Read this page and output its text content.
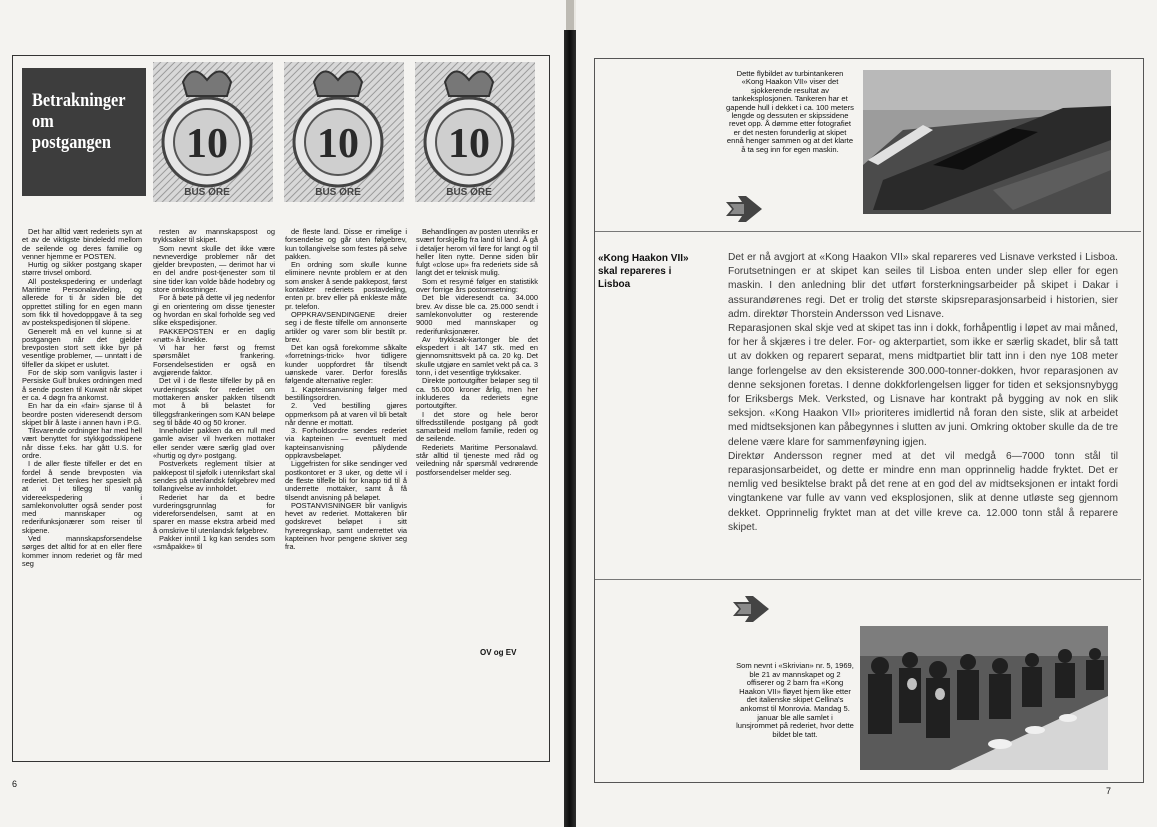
Betrakninger
om
postgangen	10
BUS ØRE
10
BUS ØRE
10
BUS ØRE

Det har alltid vært rederiets syn at et av de viktigste bindeledd mellom de seilende og deres familie og venner hjemme er POSTEN.

Hurtig og sikker postgang skaper større trivsel ombord.

All postekspedering er underlagt Maritime Personalavdeling, og allerede for ti år siden ble det opprettet stilling for en egen mann som fikk til hovedoppgave å ta seg av postekspedisjonen til skipene.

Generelt må en vel kunne si at postgangen når det gjelder brevposten stort sett ikke byr på vesentlige problemer, — unntatt i de tilfeller da skipet er uslutet.

For de skip som vanligvis laster i Persiske Gulf brukes ordningen med å sende posten til Kuwait når skipet er ca. 4 døgn fra ankomst.

En har da ein «fair» sjanse til å beordre posten videresendt dersom skipet blir å laste i annen havn i P.G.

Tilsvarende ordninger har med hell vært benyttet for stykkgodsskipene når disse f.eks. har gått U.S. for ordre.

I de aller fleste tilfeller er det en fordel å sende brevposten via rederiet. Det tenkes her spesielt på at vi i tillegg til vanlig videreekspedering i samlekonvolutter også sender post med mannskaper og rederifunksjonærer som reiser til skipene.

Ved mannskapsforsendelse sørges det alltid for at en eller flere kommer innom rederiet og får med seg

resten av mannskapspost og trykksaker til skipet.

Som nevnt skulle det ikke være nevneverdige problemer når det gjelder brevposten, — derimot har vi en del andre post-tjenester som til sine tider kan volde både hodebry og store omkostninger.

For å bøte på dette vil jeg nedenfor gi en orientering om disse tjenester og hvordan en skal forholde seg ved slike ekspedisjoner.

PAKKEPOSTEN er en daglig «nøtt» å knekke.

Vi har her først og fremst spørsmålet frankering. Forsendelsestiden er også en avgjørende faktor.

Det vil i de fleste tilfeller by på en vurderingssak for rederiet om mottakeren ønsker pakken tilsendt mot å bli belastet for tilleggsfrankeringen som KAN beløpe seg til både 40 og 50 kroner.

Inneholder pakken da en rull med gamle aviser vil hverken mottaker eller sender være særlig glad over «hurtig og dyr» postgang.

Postverkets reglement tilsier at pakkepost til sjøfolk i utenriksfart skal sendes på utenlandsk følgebrev med tollangivelse av innholdet.

Rederiet har da et bedre vurderingsgrunnlag for videreforsendelsen, samt at en sparer en masse ekstra arbeid med å omskrive til utenlandsk følgebrev.

Pakker inntil 1 kg kan sendes som «småpakke» til

de fleste land. Disse er rimelige i forsendelse og går uten følgebrev, kun tollangivelse som festes på selve pakken.

En ordning som skulle kunne eliminere nevnte problem er at den som ønsker å sende pakkepost, først kontakter rederiets postavdeling, enten pr. brev eller på enkleste måte pr. telefon.

OPPKRAVSENDINGENE dreier seg i de fleste tilfelle om annonserte artikler og varer som blir bestilt pr. brev.

Det kan også forekomme såkalte «forretnings-trick» hvor tidligere kunder uoppfordret får tilsendt uønskede varer. Derfor foreslås følgende alternative regler:

1. Kapteinsanvisning følger med bestillingsordren.

2. Ved bestilling gjøres oppmerksom på at varen vil bli betalt når denne er mottatt.

3. Forholdsordre sendes rederiet via kapteinen — eventuelt med kapteinsanvisning pålydende oppkravsbeløpet.

Liggefristen for slike sendinger ved postkontoret er 3 uker, og dette vil i de fleste tilfelle bli for knapp tid til å underrette mottaker, samt å få tilsendt anvisning på beløpet.

POSTANVISNINGER blir vanligvis hevet av rederiet. Mottakeren blir godskrevet beløpet i sitt hyreregnskap, samt underrettet via kapteinen hvor pengene skriver seg fra.

Behandlingen av posten utenriks er svært forskjellig fra land til land. Å gå i detaljer herom vil føre for langt og til heller liten nytte. Denne siden blir fulgt «close up» fra rederiets side så langt det er teknisk mulig.

Som et resymé følger en statistikk over forrige års postomsetning:

Det ble videresendt ca. 34.000 brev. Av disse ble ca. 25.000 sendt i samlekonvolutter og resterende 9000 med mannskaper og rederifunksjonærer.

Av trykksak-kartonger ble det ekspedert i alt 147 stk. med en gjennomsnittsvekt på ca. 20 kg. Det skulle utgjøre en samlet vekt på ca. 3 tonn, i det vesentlige trykksaker.

Direkte portoutgifter beløper seg til ca. 55.000 kroner årlig, men her inkluderes da rederiets egne portoutgifter.

I det store og hele beror tilfredsstillende postgang på godt samarbeid mellom familie, rederi og de seilende.

Rederiets Maritime Personalavd. står alltid til tjeneste med råd og veiledning når spørsmål vedrørende postforsendelser melder seg.

OV og EV
6
Dette flybildet av turbintankeren «Kong Haakon VII» viser det sjokkerende resultat av tankeksplosjonen. Tankeren har et gapende hull i dekket i ca. 100 meters lengde og dessuten er skipssidene revet opp. Å dømme etter fotografiet er det nesten forunderlig at skipet ennå henger sammen og at det klarte å ta seg inn for egen maskin.
«Kong Haakon VII» skal repareres i Lisboa

Det er nå avgjort at «Kong Haakon VII» skal repareres ved Lisnave verksted i Lisboa. Forutsetningen er at skipet kan seiles til Lisboa enten under slep eller for egen maskin. I den anledning blir det utført forsterkningsarbeider på skipet i Dakar i assurandørenes regi. Det er trolig det største skipsreparasjonsarbeid i historien, sier adm. direktør Thorstein Andersson ved Lisnave.

Reparasjonen skal skje ved at skipet tas inn i dokk, forhåpentlig i løpet av mai måned, for her å skjæres i tre deler. For- og akterpartiet, som ikke er særlig skadet, blir så tatt ut av dokken og reparert separat, mens midtpartiet blir tatt inn i den nye 108 meter lange forlengelse av den eksisterende 300.000-tonner-dokken, hvor reparasjonen av denne seksjonen foretas. I denne dokkforlengelsen ligger for tiden et seksjonsnybygg for Eriksbergs Mek. Verksted, og Lisnave har kontrakt på bygging av nok en slik seksjon. «Kong Haakon VII» prioriteres imidlertid nå foran den siste, slik at arbeidet med midtseksjonen kan påbegynnes i slutten av juni. Omkring oktober skulle da de tre delene være klare for sammenføyning igjen.

Direktør Andersson regner med at det vil medgå 6—7000 tonn stål til reparasjonsarbeidet, og dette er mindre enn man opprinnelig hadde fryktet. Det er nemlig ved besiktelse brakt på det rene at en god del av midtseksjonen er intakt fordi vingtankene var fulle av vann ved eksplosjonen, slik at denne utløste seg gjennom dekket. Opprinnelig fryktet man at det ville kreve ca. 12.000 tonn stål å reparere skipet.

Som nevnt i «Skrivian» nr. 5, 1969, ble 21 av mannskapet og 2 offiserer og 2 barn fra «Kong Haakon VII» fløyet hjem like etter det italienske skipet Cellina's ankomst til Monrovia. Mandag 5. januar ble alle samlet i lunsjrommet på rederiet, hvor dette bildet ble tatt.
7
